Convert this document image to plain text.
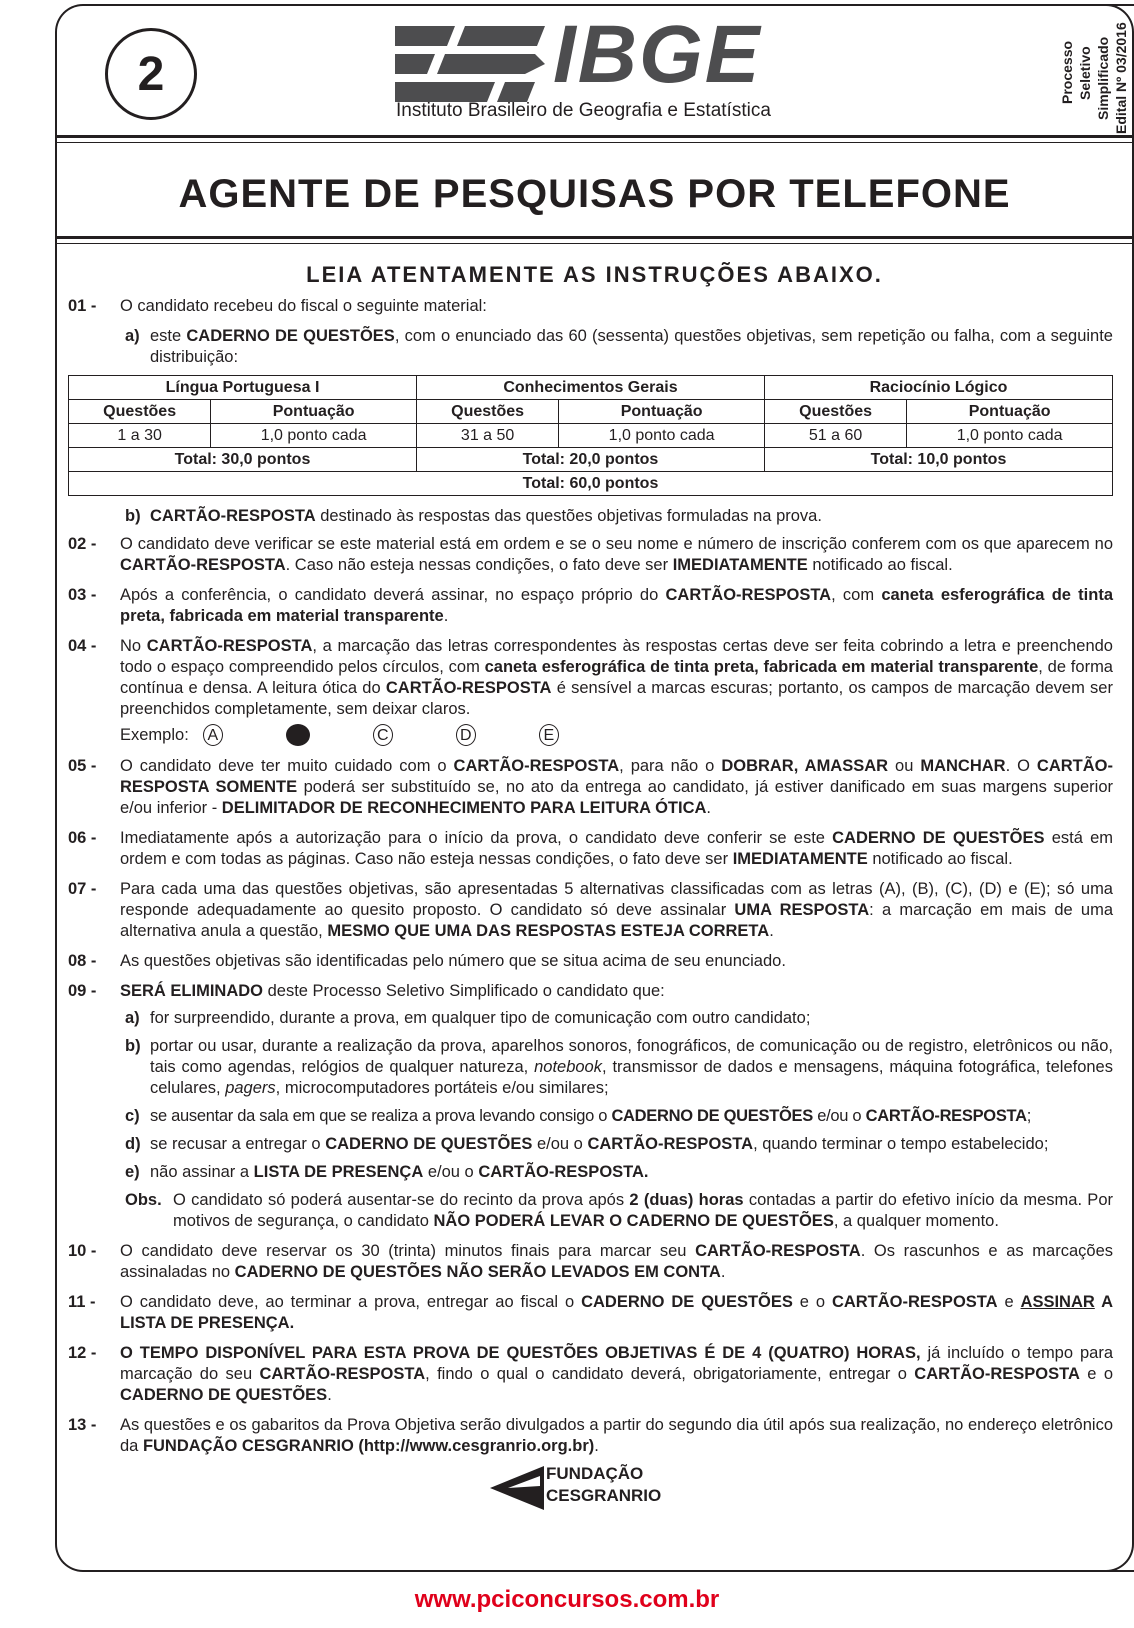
2	IBGE
Instituto Brasileiro de Geografia e Estatística
Processo Seletivo Simplificado Edital Nº 03/2016
AGENTE DE PESQUISAS POR TELEFONE
LEIA ATENTAMENTE AS INSTRUÇÕES ABAIXO.
01 -	O candidato recebeu do fiscal o seguinte material:
a) este CADERNO DE QUESTÕES, com o enunciado das 60 (sessenta) questões objetivas, sem repetição ou falha, com a seguinte distribuição:
Língua Portuguesa I		Conhecimentos Gerais		Raciocínio Lógico	
Questões	Pontuação	Questões	Pontuação	Questões	Pontuação
1 a 30	1,0 ponto cada	31 a 50	1,0 ponto cada	51 a 60	1,0 ponto cada
Total: 30,0 pontos		Total: 20,0 pontos		Total: 10,0 pontos	
Total: 60,0 pontos					
b) CARTÃO-RESPOSTA destinado às respostas das questões objetivas formuladas na prova.
02 -	O candidato deve verificar se este material está em ordem e se o seu nome e número de inscrição conferem com os que aparecem no CARTÃO-RESPOSTA. Caso não esteja nessas condições, o fato deve ser IMEDIATAMENTE notificado ao fiscal.
03 -	Após a conferência, o candidato deverá assinar, no espaço próprio do CARTÃO-RESPOSTA, com caneta esferográfica de tinta preta, fabricada em material transparente.
04 -	No CARTÃO-RESPOSTA, a marcação das letras correspondentes às respostas certas deve ser feita cobrindo a letra e preenchendo todo o espaço compreendido pelos círculos, com caneta esferográfica de tinta preta, fabricada em material transparente, de forma contínua e densa. A leitura ótica do CARTÃO-RESPOSTA é sensível a marcas escuras; portanto, os campos de marcação devem ser preenchidos completamente, sem deixar claros.
Exemplo: A	C	D	E
05 -	O candidato deve ter muito cuidado com o CARTÃO-RESPOSTA, para não o DOBRAR, AMASSAR ou MANCHAR. O CARTÃO-RESPOSTA SOMENTE poderá ser substituído se, no ato da entrega ao candidato, já estiver danificado em suas margens superior e/ou inferior - DELIMITADOR DE RECONHECIMENTO PARA LEITURA ÓTICA.
06 -	Imediatamente após a autorização para o início da prova, o candidato deve conferir se este CADERNO DE QUESTÕES está em ordem e com todas as páginas. Caso não esteja nessas condições, o fato deve ser IMEDIATAMENTE notificado ao fiscal.
07 -	Para cada uma das questões objetivas, são apresentadas 5 alternativas classificadas com as letras (A), (B), (C), (D) e (E); só uma responde adequadamente ao quesito proposto. O candidato só deve assinalar UMA RESPOSTA: a marcação em mais de uma alternativa anula a questão, MESMO QUE UMA DAS RESPOSTAS ESTEJA CORRETA.
08 -	As questões objetivas são identificadas pelo número que se situa acima de seu enunciado.
09 -	SERÁ ELIMINADO deste Processo Seletivo Simplificado o candidato que:
a) for surpreendido, durante a prova, em qualquer tipo de comunicação com outro candidato;
b) portar ou usar, durante a realização da prova, aparelhos sonoros, fonográficos, de comunicação ou de registro, eletrônicos ou não, tais como agendas, relógios de qualquer natureza, notebook, transmissor de dados e mensagens, máquina fotográfica, telefones celulares, pagers, microcomputadores portáteis e/ou similares;
c) se ausentar da sala em que se realiza a prova levando consigo o CADERNO DE QUESTÕES e/ou o CARTÃO-RESPOSTA;
d) se recusar a entregar o CADERNO DE QUESTÕES e/ou o CARTÃO-RESPOSTA, quando terminar o tempo estabelecido;
e) não assinar a LISTA DE PRESENÇA e/ou o CARTÃO-RESPOSTA.
Obs. O candidato só poderá ausentar-se do recinto da prova após 2 (duas) horas contadas a partir do efetivo início da mesma. Por motivos de segurança, o candidato NÃO PODERÁ LEVAR O CADERNO DE QUESTÕES, a qualquer momento.
10 -	O candidato deve reservar os 30 (trinta) minutos finais para marcar seu CARTÃO-RESPOSTA. Os rascunhos e as marcações assinaladas no CADERNO DE QUESTÕES NÃO SERÃO LEVADOS EM CONTA.
11 -	O candidato deve, ao terminar a prova, entregar ao fiscal o CADERNO DE QUESTÕES e o CARTÃO-RESPOSTA e ASSINAR A LISTA DE PRESENÇA.
12 -	O TEMPO DISPONÍVEL PARA ESTA PROVA DE QUESTÕES OBJETIVAS É DE 4 (QUATRO) HORAS, já incluído o tempo para marcação do seu CARTÃO-RESPOSTA, findo o qual o candidato deverá, obrigatoriamente, entregar o CARTÃO-RESPOSTA e o CADERNO DE QUESTÕES.
13 -	As questões e os gabaritos da Prova Objetiva serão divulgados a partir do segundo dia útil após sua realização, no endereço eletrônico da FUNDAÇÃO CESGRANRIO (http://www.cesgranrio.org.br).
FUNDAÇÃO
CESGRANRIO
www.pciconcursos.com.br
